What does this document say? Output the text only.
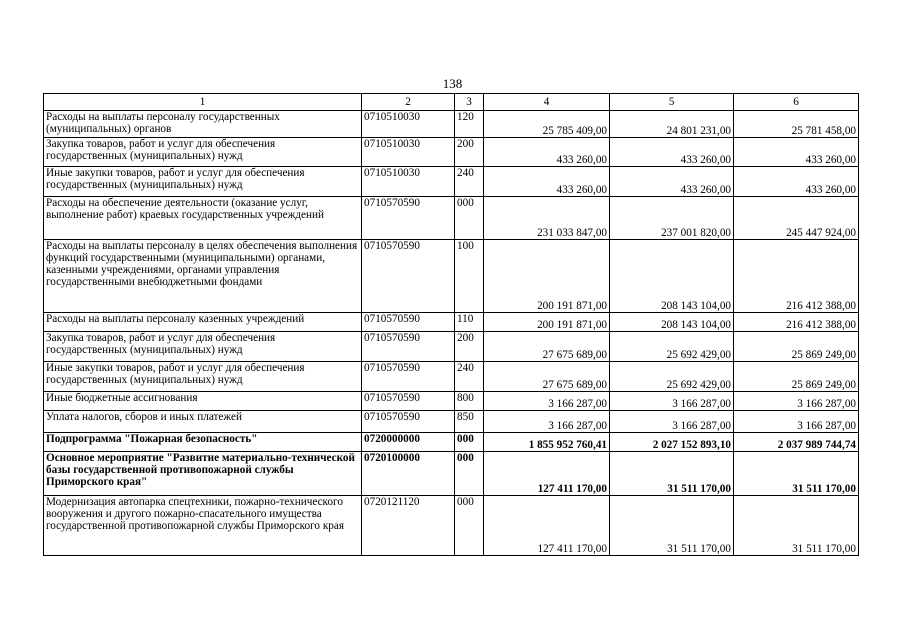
138
1	2	3	4	5	6
Расходы на выплаты персоналу государственных (муниципальных) органов	0710510030	120	25 785 409,00	24 801 231,00	25 781 458,00
Закупка товаров, работ и услуг для обеспечения государственных (муниципальных) нужд	0710510030	200	433 260,00	433 260,00	433 260,00
Иные закупки товаров, работ и услуг для обеспечения государственных (муниципальных) нужд	0710510030	240	433 260,00	433 260,00	433 260,00
Расходы на обеспечение деятельности (оказание услуг, выполнение работ) краевых государственных учреждений	0710570590	000	231 033 847,00	237 001 820,00	245 447 924,00
Расходы на выплаты персоналу в целях обеспечения выполнения функций государственными (муниципальными) органами, казенными учреждениями, органами управления государственными внебюджетными фондами	0710570590	100	200 191 871,00	208 143 104,00	216 412 388,00
Расходы на выплаты персоналу казенных учреждений	0710570590	110	200 191 871,00	208 143 104,00	216 412 388,00
Закупка товаров, работ и услуг для обеспечения государственных (муниципальных) нужд	0710570590	200	27 675 689,00	25 692 429,00	25 869 249,00
Иные закупки товаров, работ и услуг для обеспечения государственных (муниципальных) нужд	0710570590	240	27 675 689,00	25 692 429,00	25 869 249,00
Иные бюджетные ассигнования	0710570590	800	3 166 287,00	3 166 287,00	3 166 287,00
Уплата налогов, сборов и иных платежей	0710570590	850	3 166 287,00	3 166 287,00	3 166 287,00
Подпрограмма "Пожарная безопасность"	0720000000	000	1 855 952 760,41	2 027 152 893,10	2 037 989 744,74
Основное мероприятие "Развитие материально-технической базы государственной противопожарной службы Приморского края"	0720100000	000	127 411 170,00	31 511 170,00	31 511 170,00
Модернизация автопарка спецтехники, пожарно-технического вооружения и другого пожарно-спасательного имущества государственной противопожарной службы Приморского края	0720121120	000	127 411 170,00	31 511 170,00	31 511 170,00
